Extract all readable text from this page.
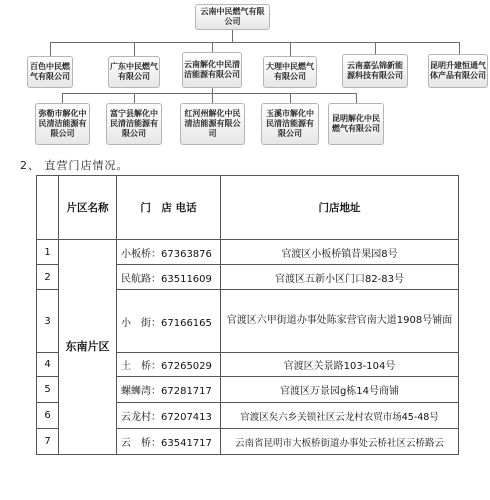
云南中民燃气有限公司
百色中民燃气有限公司
广东中民燃气有限公司
云南解化中民清洁能源有限公司
大理中民燃气有限公司
云南嘉弘锦新能源科技有限公司
昆明升建恒通气体产品有限公司
弥勒市解化中民清洁能源有限公司
富宁县解化中民清洁能源有限公司
红河州解化中民清洁能源有限公司
玉溪市解化中民清洁能源有限公司
昆明解化中民燃气有限公司
2、 直营门店情况。
	片区名称	门　店 电话	门店地址
1	东南片区	小板桥：67363876	官渡区小板桥镇昔果园8号
2		民航路：63511609	官渡区五新小区门口82-83号
3		小　街：67166165	官渡区六甲街道办事处陈家营官南大道1908号铺面
4		土　桥：67265029	官渡区关景路103-104号
5		螺蛳湾：67281717	官渡区万景园g栋14号商铺
6		云龙村：67207413	官渡区矣六乡关锁社区云龙村农贸市场45-48号
7		云　桥：63541717	云南省昆明市大板桥街道办事处云桥社区云桥路云
